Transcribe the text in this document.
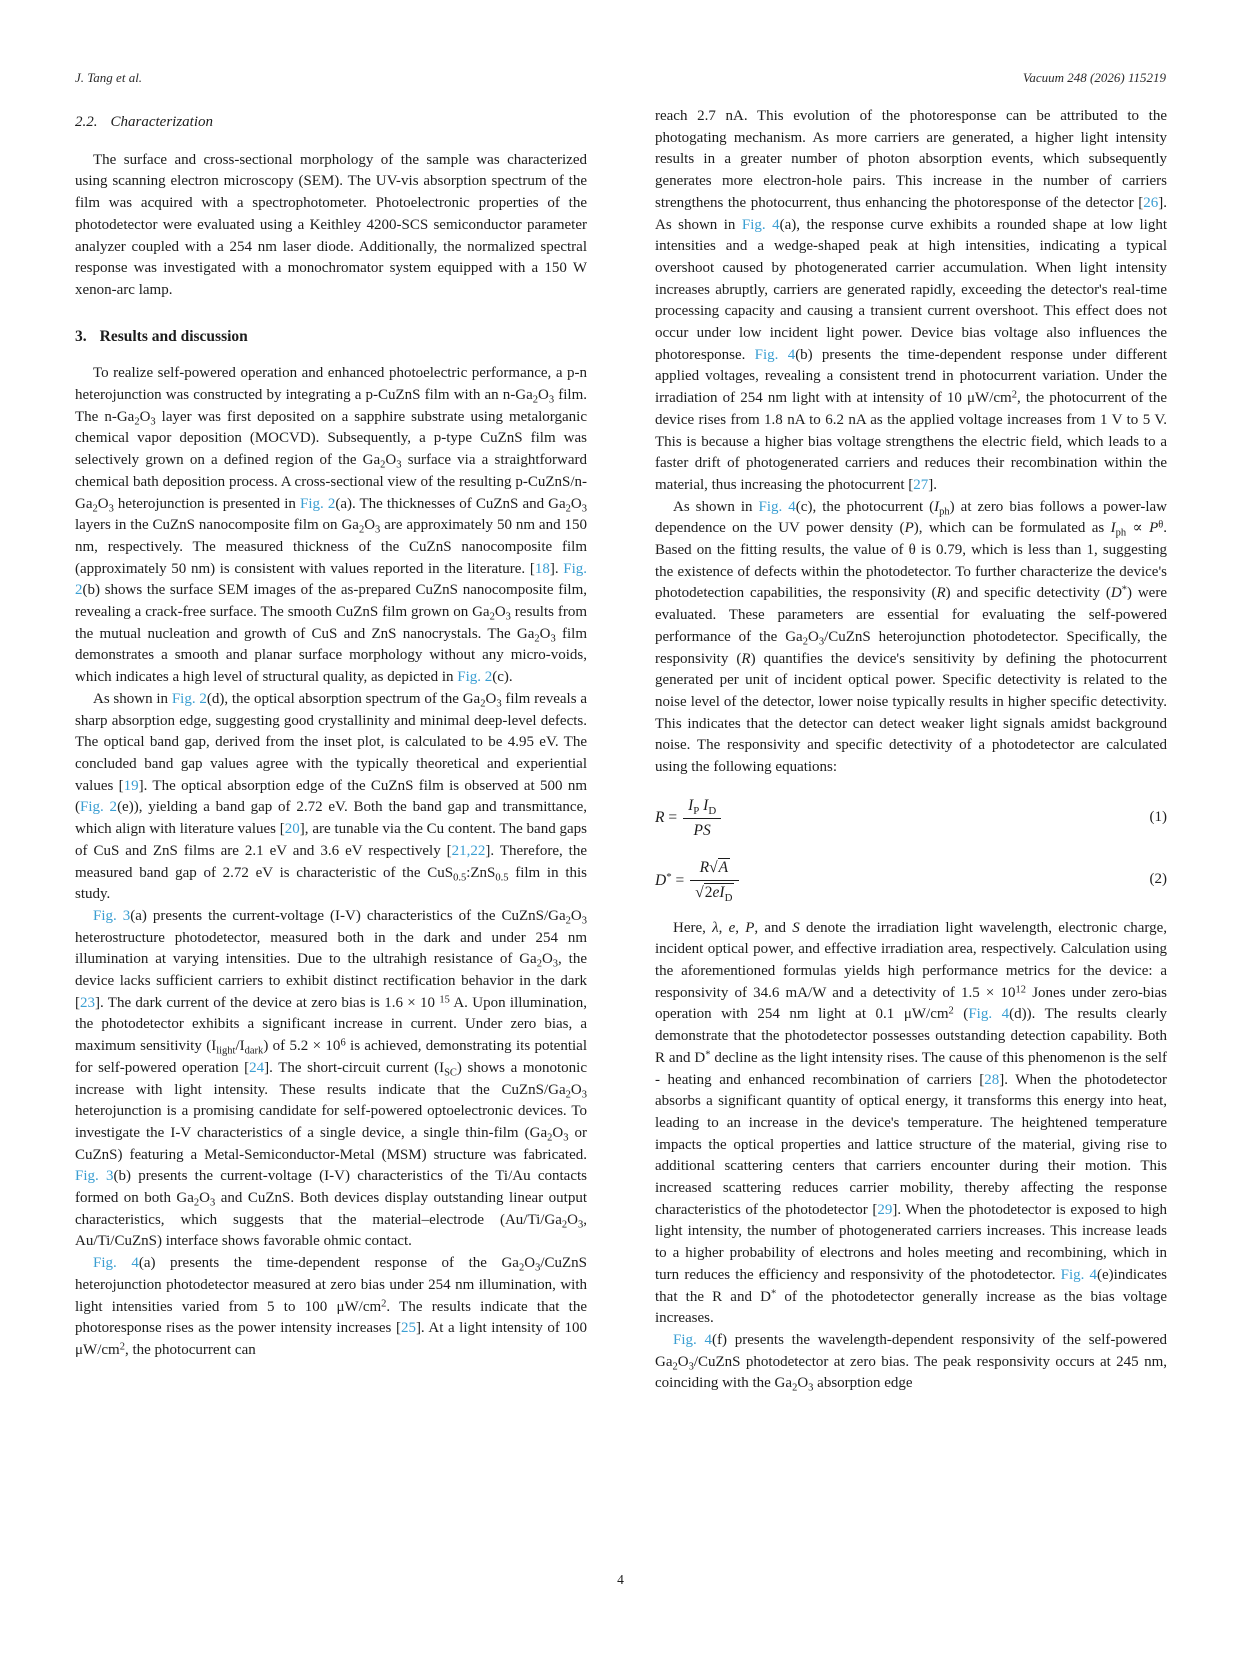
J. Tang et al.	Vacuum 248 (2026) 115219
2.2. Characterization

The surface and cross-sectional morphology of the sample was characterized using scanning electron microscopy (SEM). The UV-vis absorption spectrum of the film was acquired with a spectrophotometer. Photoelectronic properties of the photodetector were evaluated using a Keithley 4200-SCS semiconductor parameter analyzer coupled with a 254 nm laser diode. Additionally, the normalized spectral response was investigated with a monochromator system equipped with a 150 W xenon-arc lamp.

3. Results and discussion

To realize self-powered operation and enhanced photoelectric performance, a p-n heterojunction was constructed by integrating a p-CuZnS film with an $n-Ga_2O_3$ film. The $n-Ga_2O_3$ layer was first deposited on a sapphire substrate using metalorganic chemical vapor deposition (MOCVD). Subsequently, a p-type CuZnS film was selectively grown on a defined region of the $Ga_2O_3$ surface via a straightforward chemical bath deposition process. A cross-sectional view of the resulting $p-CuZnS/n-Ga_2O_3$ heterojunction is presented in Fig. 2(a). The thicknesses of CuZnS and $Ga_2O_3$ layers in the CuZnS nanocomposite film on $Ga_2O_3$ are approximately 50 nm and 150 nm, respectively. The measured thickness of the CuZnS nanocomposite film (approximately 50 nm) is consistent with values reported in the literature. [18]. Fig. 2(b) shows the surface SEM images of the as-prepared CuZnS nanocomposite film, revealing a crack-free surface. The smooth CuZnS film grown on $Ga_2O_3$ results from the mutual nucleation and growth of CuS and ZnS nanocrystals. The $Ga_2O_3$ film demonstrates a smooth and planar surface morphology without any micro-voids, which indicates a high level of structural quality, as depicted in Fig. 2(c).

As shown in Fig. 2(d), the optical absorption spectrum of the $Ga_2O_3$ film reveals a sharp absorption edge, suggesting good crystallinity and minimal deep-level defects. The optical band gap, derived from the inset plot, is calculated to be 4.95 eV. The concluded band gap values agree with the typically theoretical and experiential values [19]. The optical absorption edge of the CuZnS film is observed at 500 nm (Fig. 2(e)), yielding a band gap of 2.72 eV. Both the band gap and transmittance, which align with literature values [20], are tunable via the Cu content. The band gaps of CuS and ZnS films are 2.1 eV and 3.6 eV respectively [21,22]. Therefore, the measured band gap of 2.72 eV is characteristic of the CuS$_{0.5}$:ZnS$_{0.5}$ film in this study.

Fig. 3(a) presents the current-voltage (I-V) characteristics of the CuZnS/$Ga_2O_3$ heterostructure photodetector, measured both in the dark and under 254 nm illumination at varying intensities. Due to the ultrahigh resistance of $Ga_2O_3$, the device lacks sufficient carriers to exhibit distinct rectification behavior in the dark [23]. The dark current of the device at zero bias is 1.6 × 10 $^{15}$ A. Upon illumination, the photodetector exhibits a significant increase in current. Under zero bias, a maximum sensitivity $(I_{light}/I_{dark})$ of $5.2 \times 10^6$ is achieved, demonstrating its potential for self-powered operation [24]. The short-circuit current $(I_{SC})$ shows a monotonic increase with light intensity. These results indicate that the CuZnS/$Ga_2O_3$ heterojunction is a promising candidate for self-powered optoelectronic devices. To investigate the I-V characteristics of a single device, a single thin-film ($Ga_2O_3$ or CuZnS) featuring a Metal-Semiconductor-Metal (MSM) structure was fabricated. Fig. 3(b) presents the current-voltage (I-V) characteristics of the Ti/Au contacts formed on both $Ga_2O_3$ and CuZnS. Both devices display outstanding linear output characteristics, which suggests that the material–electrode ($Au/Ti/Ga_2O_3$, Au/Ti/CuZnS) interface shows favorable ohmic contact.

Fig. 4(a) presents the time-dependent response of the $Ga_2O_3$/CuZnS heterojunction photodetector measured at zero bias under 254 nm illumination, with light intensities varied from 5 to 100 $\mu W/cm^2$. The results indicate that the photoresponse rises as the power intensity increases [25]. At a light intensity of 100 $\mu W/cm^2$, the photocurrent can

reach 2.7 nA. This evolution of the photoresponse can be attributed to the photogating mechanism. As more carriers are generated, a higher light intensity results in a greater number of photon absorption events, which subsequently generates more electron-hole pairs. This increase in the number of carriers strengthens the photocurrent, thus enhancing the photoresponse of the detector [26]. As shown in Fig. 4(a), the response curve exhibits a rounded shape at low light intensities and a wedge-shaped peak at high intensities, indicating a typical overshoot caused by photogenerated carrier accumulation. When light intensity increases abruptly, carriers are generated rapidly, exceeding the detector's real-time processing capacity and causing a transient current overshoot. This effect does not occur under low incident light power. Device bias voltage also influences the photoresponse. Fig. 4(b) presents the time-dependent response under different applied voltages, revealing a consistent trend in photocurrent variation. Under the irradiation of 254 nm light with at intensity of 10 $\mu W/cm^2$, the photocurrent of the device rises from 1.8 nA to 6.2 nA as the applied voltage increases from 1 V to 5 V. This is because a higher bias voltage strengthens the electric field, which leads to a faster drift of photogenerated carriers and reduces their recombination within the material, thus increasing the photocurrent [27].

As shown in Fig. 4(c), the photocurrent $(I_{ph})$ at zero bias follows a power-law dependence on the UV power density (P), which can be formulated as $I_{ph} \propto P^\theta$. Based on the fitting results, the value of θ is 0.79, which is less than 1, suggesting the existence of defects within the photodetector. To further characterize the device's photodetection capabilities, the responsivity (R) and specific detectivity (D*) were evaluated. These parameters are essential for evaluating the self-powered performance of the $Ga_2O_3$/CuZnS heterojunction photodetector. Specifically, the responsivity (R) quantifies the device's sensitivity by defining the photocurrent generated per unit of incident optical power. Specific detectivity is related to the noise level of the detector, lower noise typically results in higher specific detectivity. This indicates that the detector can detect weaker light signals amidst background noise. The responsivity and specific detectivity of a photodetector are calculated using the following equations:

$R = \frac{I_P I_D}{PS}$	(1)
$D^* = \frac{R√A}{√2eI_D}$	(2)

Here, λ, e, P, and S denote the irradiation light wavelength, electronic charge, incident optical power, and effective irradiation area, respectively. Calculation using the aforementioned formulas yields high performance metrics for the device: a responsivity of 34.6 mA/W and a detectivity of $1.5 \times 10^{12}$ Jones under zero-bias operation with 254 nm light at 0.1 $\mu W/cm^2$ (Fig. 4(d)). The results clearly demonstrate that the photodetector possesses outstanding detection capability. Both R and D* decline as the light intensity rises. The cause of this phenomenon is the self - heating and enhanced recombination of carriers [28]. When the photodetector absorbs a significant quantity of optical energy, it transforms this energy into heat, leading to an increase in the device's temperature. The heightened temperature impacts the optical properties and lattice structure of the material, giving rise to additional scattering centers that carriers encounter during their motion. This increased scattering reduces carrier mobility, thereby affecting the response characteristics of the photodetector [29]. When the photodetector is exposed to high light intensity, the number of photogenerated carriers increases. This increase leads to a higher probability of electrons and holes meeting and recombining, which in turn reduces the efficiency and responsivity of the photodetector. Fig. 4(e)indicates that the R and D* of the photodetector generally increase as the bias voltage increases.

Fig. 4(f) presents the wavelength-dependent responsivity of the self-powered $Ga_2O_3$/CuZnS photodetector at zero bias. The peak responsivity occurs at 245 nm, coinciding with the $Ga_2O_3$ absorption edge

4
